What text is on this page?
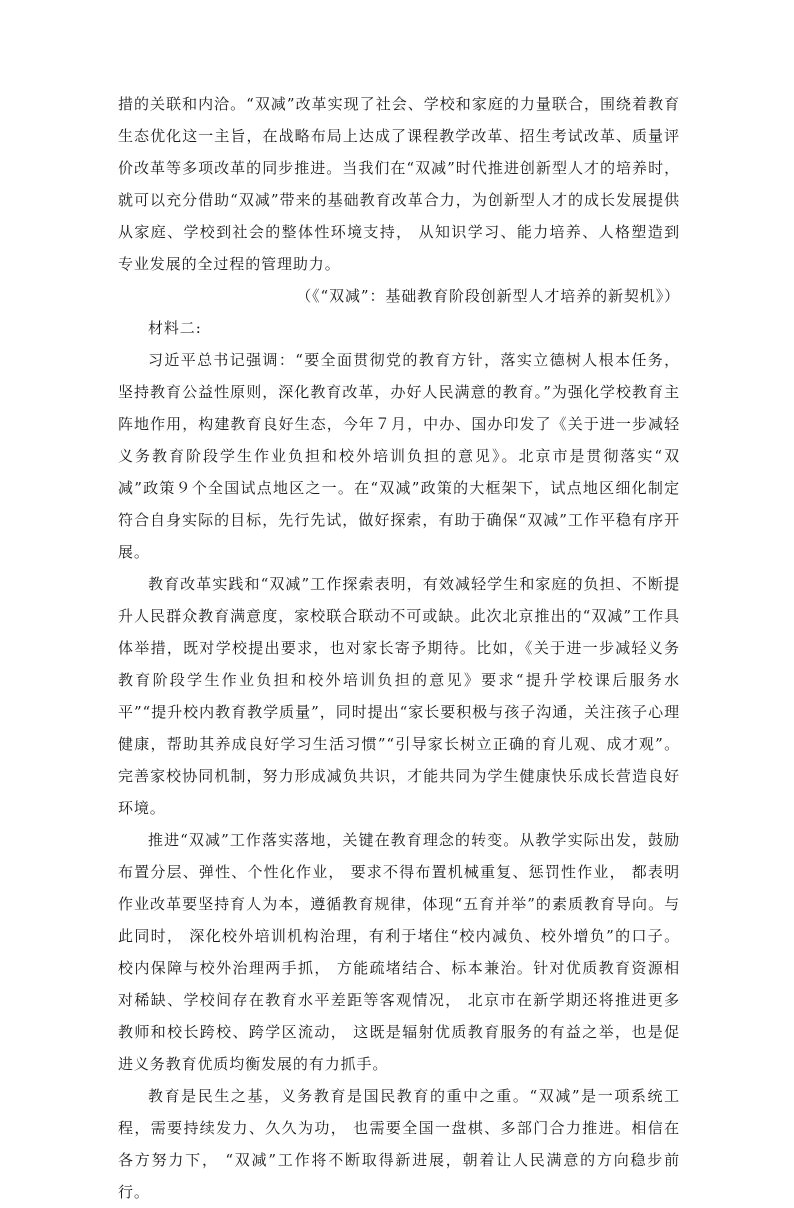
措的关联和内洽。“双减”改革实现了社会、学校和家庭的力量联合，围绕着教育生态优化这一主旨，在战略布局上达成了课程教学改革、招生考试改革、质量评价改革等多项改革的同步推进。当我们在“双减”时代推进创新型人才的培养时，就可以充分借助“双减”带来的基础教育改革合力，为创新型人才的成长发展提供从家庭、学校到社会的整体性环境支持， 从知识学习、能力培养、人格塑造到专业发展的全过程的管理助力。

（《“双减”：基础教育阶段创新型人才培养的新契机》）

材料二:

习近平总书记强调：“要全面贯彻党的教育方针，落实立德树人根本任务，坚持教育公益性原则，深化教育改革，办好人民满意的教育。”为强化学校教育主阵地作用，构建教育良好生态，今年７月，中办、国办印发了《关于进一步减轻义务教育阶段学生作业负担和校外培训负担的意见》。北京市是贯彻落实“双减”政策９个全国试点地区之一。在“双减”政策的大框架下，试点地区细化制定符合自身实际的目标，先行先试，做好探索，有助于确保“双减”工作平稳有序开展。

教育改革实践和“双减”工作探索表明，有效减轻学生和家庭的负担、不断提升人民群众教育满意度，家校联合联动不可或缺。此次北京推出的“双减”工作具体举措，既对学校提出要求，也对家长寄予期待。比如，《关于进一步减轻义务教育阶段学生作业负担和校外培训负担的意见》要求“提升学校课后服务水平”“提升校内教育教学质量”，同时提出“家长要积极与孩子沟通，关注孩子心理健康，帮助其养成良好学习生活习惯”“引导家长树立正确的育儿观、成才观”。完善家校协同机制，努力形成减负共识，才能共同为学生健康快乐成长营造良好环境。

推进“双减”工作落实落地，关键在教育理念的转变。从教学实际出发，鼓励布置分层、弹性、个性化作业， 要求不得布置机械重复、惩罚性作业， 都表明作业改革要坚持育人为本，遵循教育规律，体现“五育并举”的素质教育导向。与此同时， 深化校外培训机构治理，有利于堵住“校内减负、校外增负”的口子。校内保障与校外治理两手抓， 方能疏堵结合、标本兼治。针对优质教育资源相对稀缺、学校间存在教育水平差距等客观情况， 北京市在新学期还将推进更多教师和校长跨校、跨学区流动， 这既是辐射优质教育服务的有益之举，也是促进义务教育优质均衡发展的有力抓手。

教育是民生之基，义务教育是国民教育的重中之重。“双减”是一项系统工程，需要持续发力、久久为功， 也需要全国一盘棋、多部门合力推进。相信在各方努力下， “双减”工作将不断取得新进展，朝着让人民满意的方向稳步前行。
